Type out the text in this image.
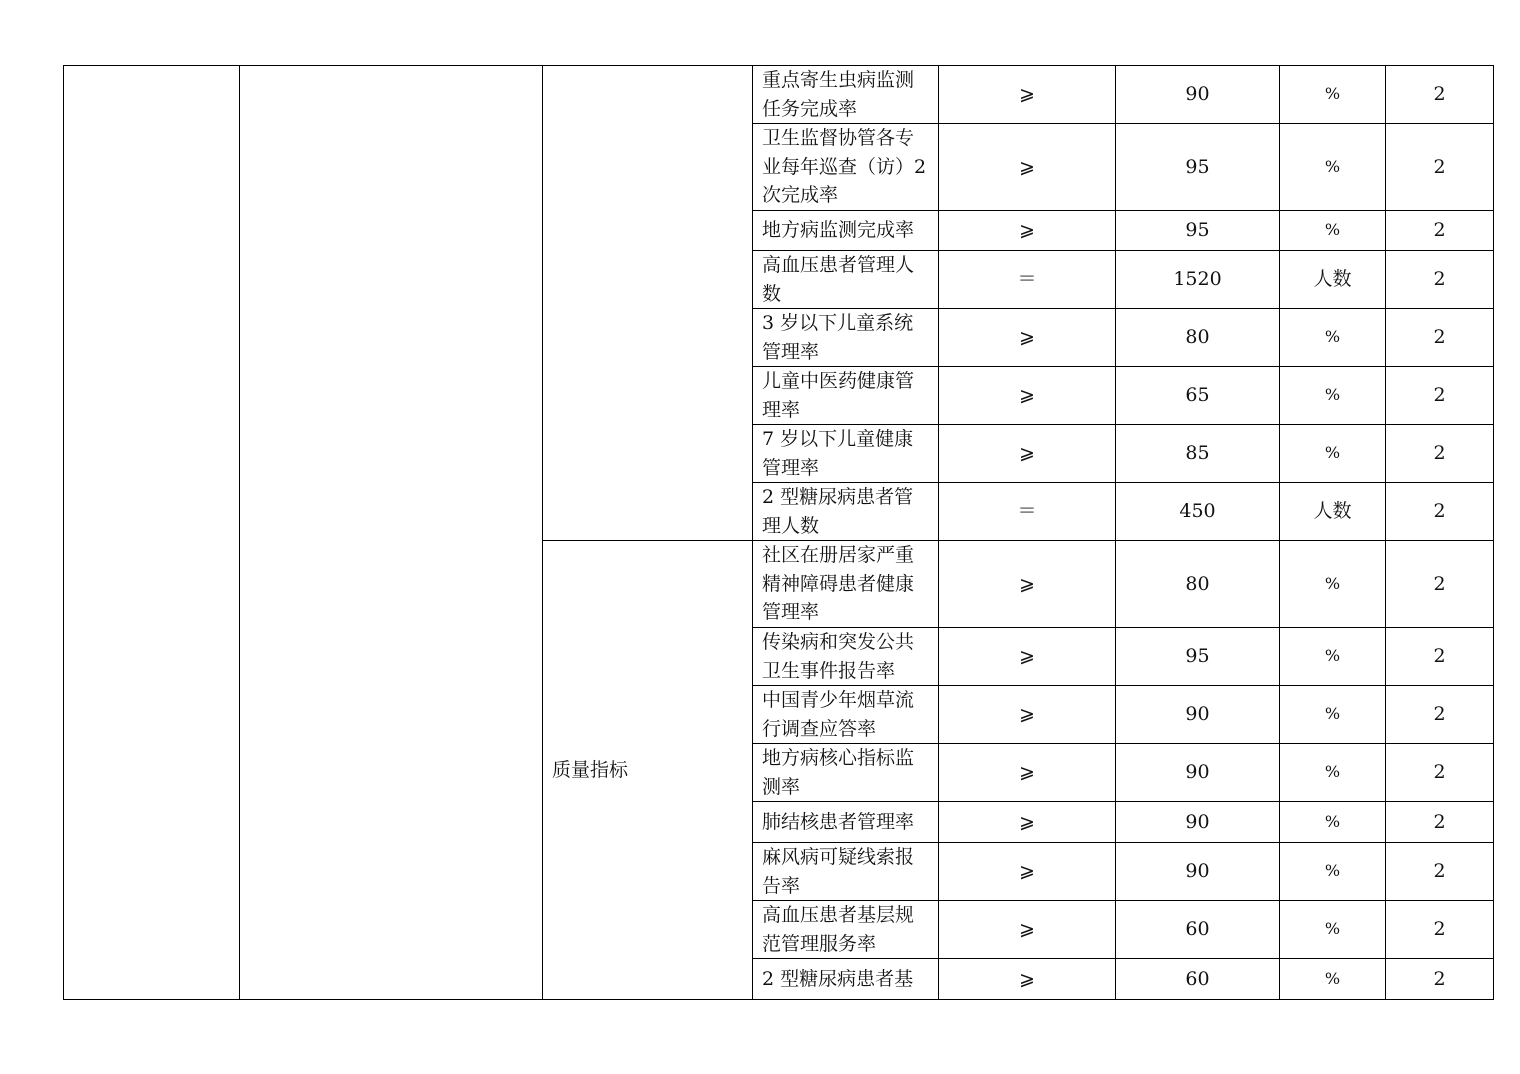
			重点寄生虫病监测
任务完成率	⩾	90	%	2
			卫生监督协管各专
业每年巡查（访）2
次完成率	⩾	95	%	2
			地方病监测完成率	⩾	95	%	2
			高血压患者管理人
数	＝	1520	人数	2
			3 岁以下儿童系统
管理率	⩾	80	%	2
			儿童中医药健康管
理率	⩾	65	%	2
			7 岁以下儿童健康
管理率	⩾	85	%	2
			2 型糖尿病患者管
理人数	＝	450	人数	2
		质量指标	社区在册居家严重
精神障碍患者健康
管理率	⩾	80	%	2
			传染病和突发公共
卫生事件报告率	⩾	95	%	2
			中国青少年烟草流
行调查应答率	⩾	90	%	2
			地方病核心指标监
测率	⩾	90	%	2
			肺结核患者管理率	⩾	90	%	2
			麻风病可疑线索报
告率	⩾	90	%	2
			高血压患者基层规
范管理服务率	⩾	60	%	2
			2 型糖尿病患者基	⩾	60	%	2
